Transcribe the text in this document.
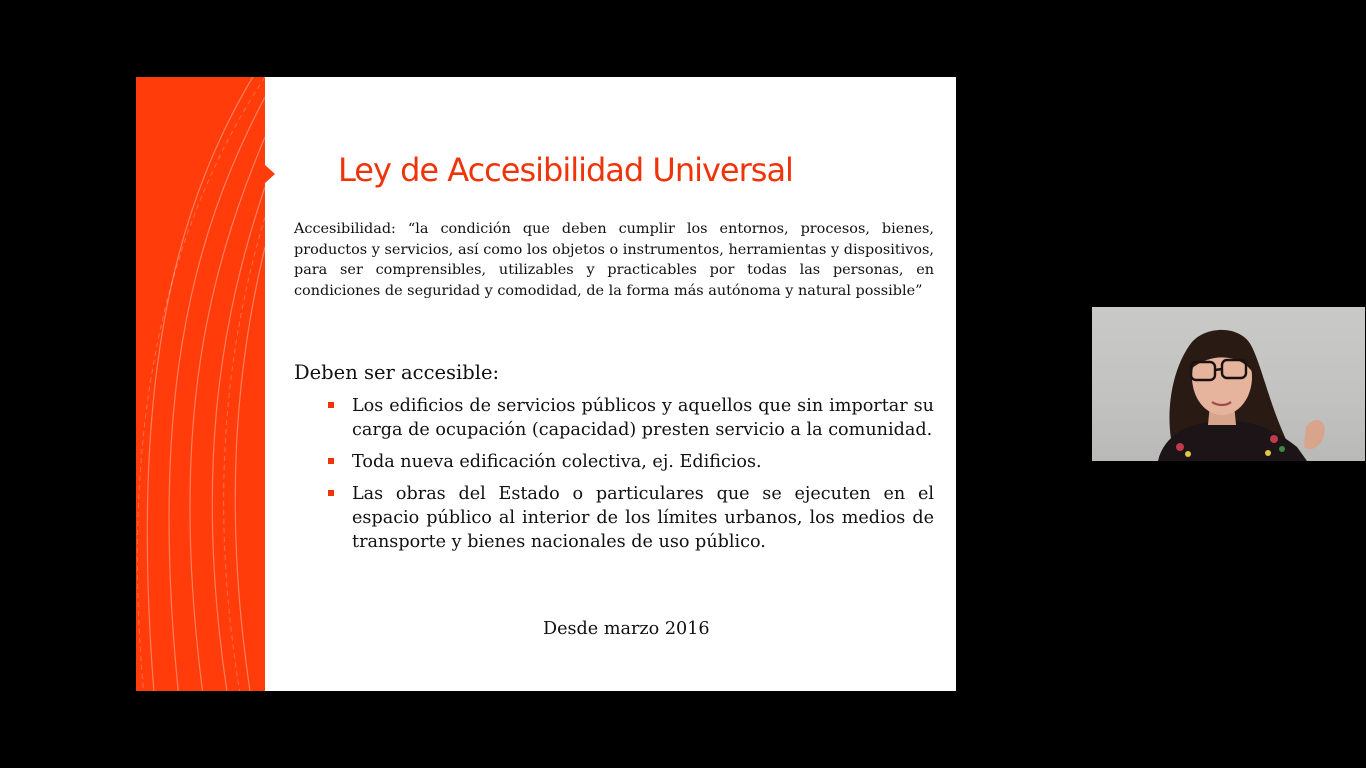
Ley de Accesibilidad Universal

Accesibilidad: “la condición que deben cumplir los entornos, procesos, bienes, productos y servicios, así como los objetos o instrumentos, herramientas y dispositivos, para ser comprensibles, utilizables y practicables por todas las personas, en condiciones de seguridad y comodidad, de la forma más autónoma y natural possible”

Deben ser accesible:

Los edificios de servicios públicos y aquellos que sin importar su carga de ocupación (capacidad) presten servicio a la comunidad.
Toda nueva edificación colectiva, ej. Edificios.
Las obras del Estado o particulares que se ejecuten en el espacio público al interior de los límites urbanos, los medios de transporte y bienes nacionales de uso público.

Desde marzo 2016
